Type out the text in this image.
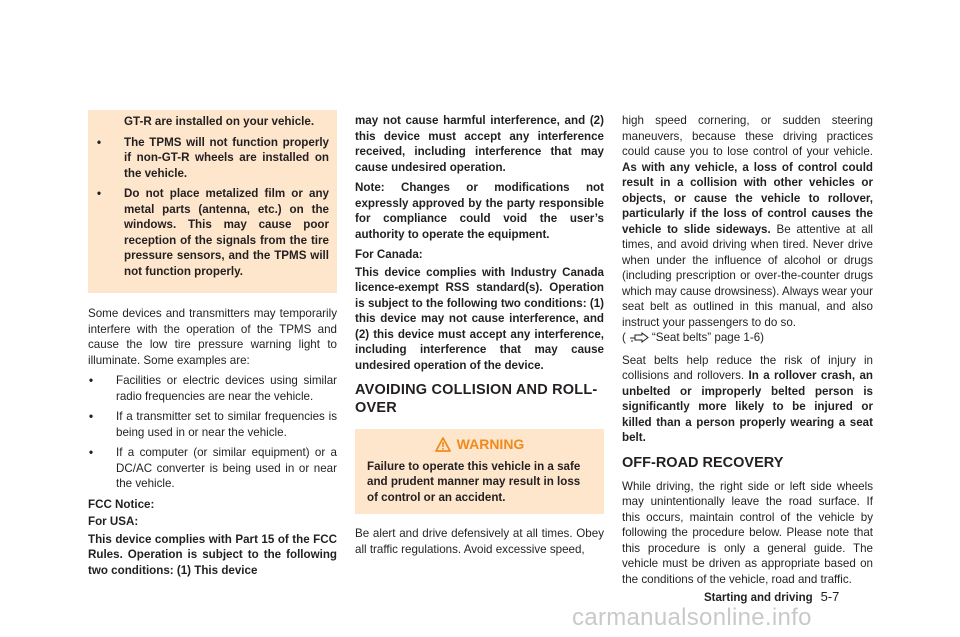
GT-R are installed on your vehicle.
• The TPMS will not function properly if non-GT-R wheels are installed on the vehicle.
• Do not place metalized film or any metal parts (antenna, etc.) on the windows. This may cause poor reception of the signals from the tire pressure sensors, and the TPMS will not function properly.

Some devices and transmitters may temporarily interfere with the operation of the TPMS and cause the low tire pressure warning light to illuminate. Some examples are:

• Facilities or electric devices using similar radio frequencies are near the vehicle.
• If a transmitter set to similar frequencies is being used in or near the vehicle.
• If a computer (or similar equipment) or a DC/AC converter is being used in or near the vehicle.

FCC Notice:

For USA:

This device complies with Part 15 of the FCC Rules. Operation is subject to the following two conditions: (1) This device

may not cause harmful interference, and (2) this device must accept any interference received, including interference that may cause undesired operation.

Note: Changes or modifications not expressly approved by the party responsible for compliance could void the user’s authority to operate the equipment.

For Canada:

This device complies with Industry Canada licence-exempt RSS standard(s). Operation is subject to the following two conditions: (1) this device may not cause interference, and (2) this device must accept any interference, including interference that may cause undesired operation of the device.

AVOIDING COLLISION AND ROLL-OVER
WARNING
Failure to operate this vehicle in a safe and prudent manner may result in loss of control or an accident.

Be alert and drive defensively at all times. Obey all traffic regulations. Avoid excessive speed,

high speed cornering, or sudden steering maneuvers, because these driving practices could cause you to lose control of your vehicle. As with any vehicle, a loss of control could result in a collision with other vehicles or objects, or cause the vehicle to rollover, particularly if the loss of control causes the vehicle to slide sideways. Be attentive at all times, and avoid driving when tired. Never drive when under the influence of alcohol or drugs (including prescription or over-the-counter drugs which may cause drowsiness). Always wear your seat belt as outlined in this manual, and also instruct your passengers to do so.
( “Seat belts” page 1-6)

Seat belts help reduce the risk of injury in collisions and rollovers. In a rollover crash, an unbelted or improperly belted person is significantly more likely to be injured or killed than a person properly wearing a seat belt.

OFF-ROAD RECOVERY

While driving, the right side or left side wheels may unintentionally leave the road surface. If this occurs, maintain control of the vehicle by following the procedure below. Please note that this procedure is only a general guide. The vehicle must be driven as appropriate based on the conditions of the vehicle, road and traffic.

Starting and driving 5-7
carmanualsonline.info
